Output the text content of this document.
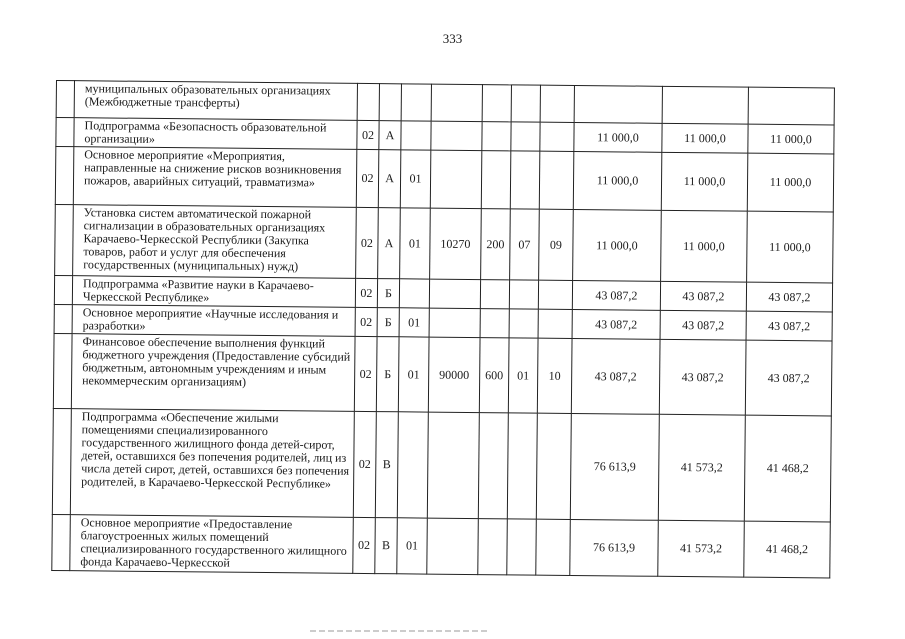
333
	муниципальных образовательных организациях (Межбюджетные трансферты)										
	Подпрограмма «Безопасность образовательной организации»	02	А						11 000,0	11 000,0	11 000,0
	Основное мероприятие «Мероприятия, направленные на снижение рисков возникновения пожаров, аварийных ситуаций, травматизма»	02	А	01					11 000,0	11 000,0	11 000,0
	Установка систем автоматической пожарной сигнализации в образовательных организациях Карачаево-Черкесской Республики (Закупка товаров, работ и услуг для обеспечения государственных (муниципальных) нужд)	02	А	01	10270	200	07	09	11 000,0	11 000,0	11 000,0
	Подпрограмма «Развитие науки в Карачаево-Черкесской Республике»	02	Б						43 087,2	43 087,2	43 087,2
	Основное мероприятие «Научные исследования и разработки»	02	Б	01					43 087,2	43 087,2	43 087,2
	Финансовое обеспечение выполнения функций бюджетного учреждения (Предоставление субсидий бюджетным, автономным учреждениям и иным некоммерческим организациям)	02	Б	01	90000	600	01	10	43 087,2	43 087,2	43 087,2
	Подпрограмма «Обеспечение жилыми помещениями специализированного государственного жилищного фонда детей-сирот, детей, оставшихся без попечения родителей, лиц из числа детей сирот, детей, оставшихся без попечения родителей, в Карачаево-Черкесской Республике»	02	В						76 613,9	41 573,2	41 468,2
	Основное мероприятие «Предоставление благоустроенных жилых помещений специализированного государственного жилищного фонда Карачаево-Черкесской	02	В	01					76 613,9	41 573,2	41 468,2
